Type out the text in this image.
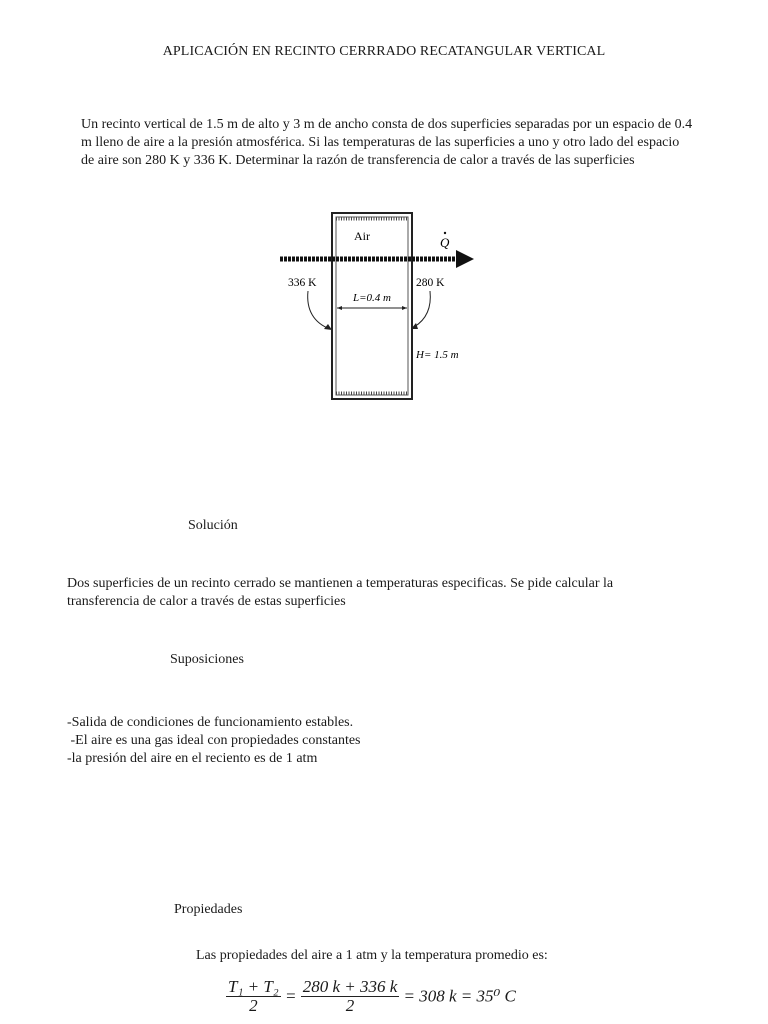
APLICACIÓN EN RECINTO CERRRADO RECATANGULAR VERTICAL
Un recinto vertical de 1.5 m de alto y 3 m de ancho consta de dos superficies separadas por un espacio de 0.4
m lleno de aire a la presión atmosférica. Si las temperaturas de las superficies a uno y otro lado del espacio
de aire son 280 K y 336 K. Determinar la razón de transferencia de calor a través de las superficies
Air	Q
336 K	280 K
L=0.4 m
H= 1.5 m
Solución
Dos superficies de un recinto cerrado se mantienen a temperaturas especificas. Se pide calcular la
transferencia de calor a través de estas superficies
Suposiciones
-Salida de condiciones de funcionamiento estables.
-El aire es una gas ideal con propiedades constantes
-la presión del aire en el reciento es de 1 atm
Propiedades
Las propiedades del aire a 1 atm y la temperatura promedio es:
$\frac{\text{T₁ + T₂}}{2} = \frac{280 k + 336 k}{2} = 308$ k = 35⁰ C
